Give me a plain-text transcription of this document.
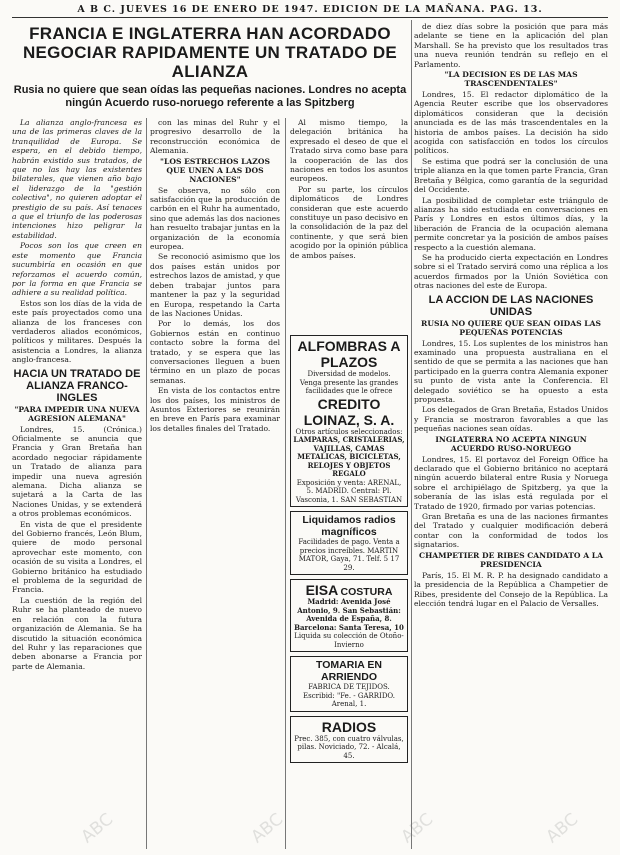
A B C. JUEVES 16 DE ENERO DE 1947. EDICION DE LA MAÑANA. PAG. 13.
FRANCIA E INGLATERRA HAN ACORDADO NEGOCIAR RAPIDAMENTE UN TRATADO DE ALIANZA
Rusia no quiere que sean oídas las pequeñas naciones. Londres no acepta ningún Acuerdo ruso-noruego referente a las Spitzberg

La alianza anglo-francesa es una de las primeras claves de la tranquilidad de Europa. Se espera, en el debido tiempo, habrán existido sus tratados, de que no las hay las existentes bilaterales, que vienen año bajo el liderazgo de la "gestión colectiva", no quieren adoptar el prestigio de su país. Así tenaces a que el triunfo de las poderosas intenciones hizo peligrar la estabilidad.

Pocos son los que creen en este momento que Francia sucumbiría en ocasión en que reforzamos el acuerdo común, por la forma en que Francia se adhiere a su realidad política.

Estos son los días de la vida de este país proyectados como una alianza de los franceses con verdaderos aliados económicos, políticos y militares. Después la asistencia a Londres, la alianza anglo-francesa.

HACIA UN TRATADO DE ALIANZA FRANCO-INGLES
"PARA IMPEDIR UNA NUEVA AGRESION ALEMANA"

Londres, 15. (Crónica.) Oficialmente se anuncia que Francia y Gran Bretaña han acordado negociar rápidamente un Tratado de alianza para impedir una nueva agresión alemana. Dicha alianza se sujetará a la Carta de las Naciones Unidas, y se extenderá a otros problemas económicos.

En vista de que el presidente del Gobierno francés, León Blum, quiere de modo personal aprovechar este momento, con ocasión de su visita a Londres, el Gobierno británico ha estudiado el problema de la seguridad de Francia.

La cuestión de la región del Ruhr se ha planteado de nuevo en relación con la futura organización de Alemania. Se ha discutido la situación económica del Ruhr y las reparaciones que deben abonarse a Francia por parte de Alemania.

con las minas del Ruhr y el progresivo desarrollo de la reconstrucción económica de Alemania.

"LOS ESTRECHOS LAZOS QUE UNEN A LAS DOS NACIONES"

Se observa, no sólo con satisfacción que la producción de carbón en el Ruhr ha aumentado, sino que además las dos naciones han resuelto trabajar juntas en la organización de la economía europea.

Se reconoció asimismo que los dos países están unidos por estrechos lazos de amistad, y que deben trabajar juntos para mantener la paz y la seguridad en Europa, respetando la Carta de las Naciones Unidas.

Por lo demás, los dos Gobiernos están en continuo contacto sobre la forma del tratado, y se espera que las conversaciones lleguen a buen término en un plazo de pocas semanas.

En vista de los contactos entre los dos países, los ministros de Asuntos Exteriores se reunirán en breve en París para examinar los detalles finales del Tratado.

Al mismo tiempo, la delegación británica ha expresado el deseo de que el Tratado sirva como base para la cooperación de las dos naciones en todos los asuntos europeos.

Por su parte, los círculos diplomáticos de Londres consideran que este acuerdo constituye un paso decisivo en la consolidación de la paz del continente, y que será bien acogido por la opinión pública de ambos países.

ALFOMBRAS A PLAZOS
Diversidad de modelos.
Venga presente las grandes facilidades que le ofrece
CREDITO LOINAZ, S. A.
Otros artículos seleccionados:
LAMPARAS, CRISTALERIAS, VAJILLAS, CAMAS METALICAS, BICICLETAS, RELOJES Y OBJETOS REGALO
Exposición y venta: ARENAL, 5. MADRID. Central: Pl. Vasconia, 1. SAN SEBASTIAN
Liquidamos radios magníficos
Facilidades de pago. Venta a precios increíbles. MARTIN MATOR, Gaya, 71. Telf. 5 17 29.
EISA COSTURA
Madrid: Avenida José Antonio, 9. San Sebastián: Avenida de España, 8. Barcelona: Santa Teresa, 10
Liquida su colección de Otoño-Invierno
TOMARIA EN ARRIENDO
FABRICA DE TEJIDOS. Escribid: "Fe. - GARRIDO. Arenal, 1.
RADIOS
Prec. 385, con cuatro válvulas, pilas. Noviciado, 72. - Alcalá, 45.

de diez días sobre la posición que para más adelante se tiene en la aplicación del plan Marshall. Se ha previsto que los resultados tras una nueva reunión tendrán su reflejo en el Parlamento.

"LA DECISION ES DE LAS MAS TRASCENDENTALES"

Londres, 15. El redactor diplomático de la Agencia Reuter escribe que los observadores diplomáticos consideran que la decisión anunciada es de las más trascendentales en la historia de ambos países. La decisión ha sido acogida con satisfacción en todos los círculos políticos.

Se estima que podrá ser la conclusión de una triple alianza en la que tomen parte Francia, Gran Bretaña y Bélgica, como garantía de la seguridad del Occidente.

La posibilidad de completar este triángulo de alianzas ha sido estudiada en conversaciones en París y Londres en estos últimos días, y la liberación de Francia de la ocupación alemana permite concretar ya la posición de ambos países respecto a la cuestión alemana.

Se ha producido cierta expectación en Londres sobre si el Tratado servirá como una réplica a los acuerdos firmados por la Unión Soviética con otras naciones del este de Europa.

LA ACCION DE LAS NACIONES UNIDAS
RUSIA NO QUIERE QUE SEAN OIDAS LAS PEQUEÑAS POTENCIAS

Londres, 15. Los suplentes de los ministros han examinado una propuesta australiana en el sentido de que se permita a las naciones que han participado en la guerra contra Alemania exponer su punto de vista ante la Conferencia. El delegado soviético se ha opuesto a esta propuesta.

Los delegados de Gran Bretaña, Estados Unidos y Francia se mostraron favorables a que las pequeñas naciones sean oídas.

INGLATERRA NO ACEPTA NINGUN ACUERDO RUSO-NORUEGO

Londres, 15. El portavoz del Foreign Office ha declarado que el Gobierno británico no aceptará ningún acuerdo bilateral entre Rusia y Noruega sobre el archipiélago de Spitzberg, ya que la soberanía de las islas está regulada por el Tratado de 1920, firmado por varias potencias.

Gran Bretaña es una de las naciones firmantes del Tratado y cualquier modificación deberá contar con la conformidad de todos los signatarios.

CHAMPETIER DE RIBES CANDIDATO A LA PRESIDENCIA

París, 15. El M. R. P. ha designado candidato a la presidencia de la República a Champetier de Ribes, presidente del Consejo de la República. La elección tendrá lugar en el Palacio de Versalles.

ABC	ABC	ABC	ABC
